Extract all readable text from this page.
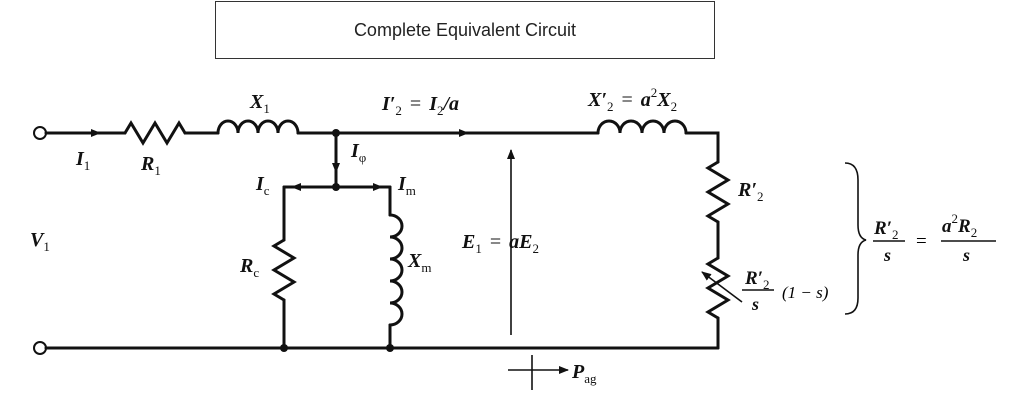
Complete Equivalent Circuit
$I_1$	$R_1$
$X_1$
$I_\varphi$
$I_c$	$I_m$
$R_c$
$X_m$
$V_1$
$I'_2 = I_2/a$	$X'_2 = a^2X_2$
$E_1 = aE_2$
$R'_2$
$R'_2$
s
(1 − s)
$P_{ag}$
$R'_2$
s
=
$a^2R_2$
s
